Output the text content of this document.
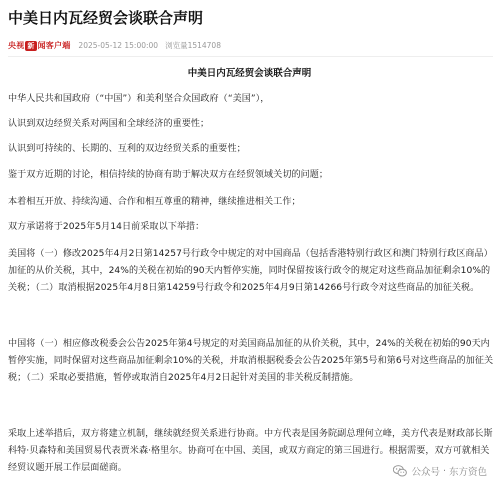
中美日内瓦经贸会谈联合声明
央视 新 闻客户端 2025-05-12 15:00:00 浏览量1514708
中美日内瓦经贸会谈联合声明

中华人民共和国政府（“中国”）和美利坚合众国政府（“美国”），

认识到双边经贸关系对两国和全球经济的重要性；

认识到可持续的、长期的、互利的双边经贸关系的重要性；

鉴于双方近期的讨论，相信持续的协商有助于解决双方在经贸领域关切的问题；

本着相互开放、持续沟通、合作和相互尊重的精神，继续推进相关工作；

双方承诺将于2025年5月14日前采取以下举措：

美国将（一）修改2025年4月2日第14257号行政令中规定的对中国商品（包括香港特别行政区和澳门特别行政区商品）加征的从价关税，其中，24%的关税在初始的90天内暂停实施，同时保留按该行政令的规定对这些商品加征剩余10%的关税；（二）取消根据2025年4月8日第14259号行政令和2025年4月9日第14266号行政令对这些商品的加征关税。

中国将（一）相应修改税委会公告2025年第4号规定的对美国商品加征的从价关税，其中，24%的关税在初始的90天内暂停实施，同时保留对这些商品加征剩余10%的关税，并取消根据税委会公告2025年第5号和第6号对这些商品的加征关税；（二）采取必要措施，暂停或取消自2025年4月2日起针对美国的非关税反制措施。

采取上述举措后，双方将建立机制，继续就经贸关系进行协商。中方代表是国务院副总理何立峰，美方代表是财政部长斯科特·贝森特和美国贸易代表贾米森·格里尔。协商可在中国、美国，或双方商定的第三国进行。根据需要，双方可就相关经贸议题开展工作层面磋商。	公众号 · 东方资色
